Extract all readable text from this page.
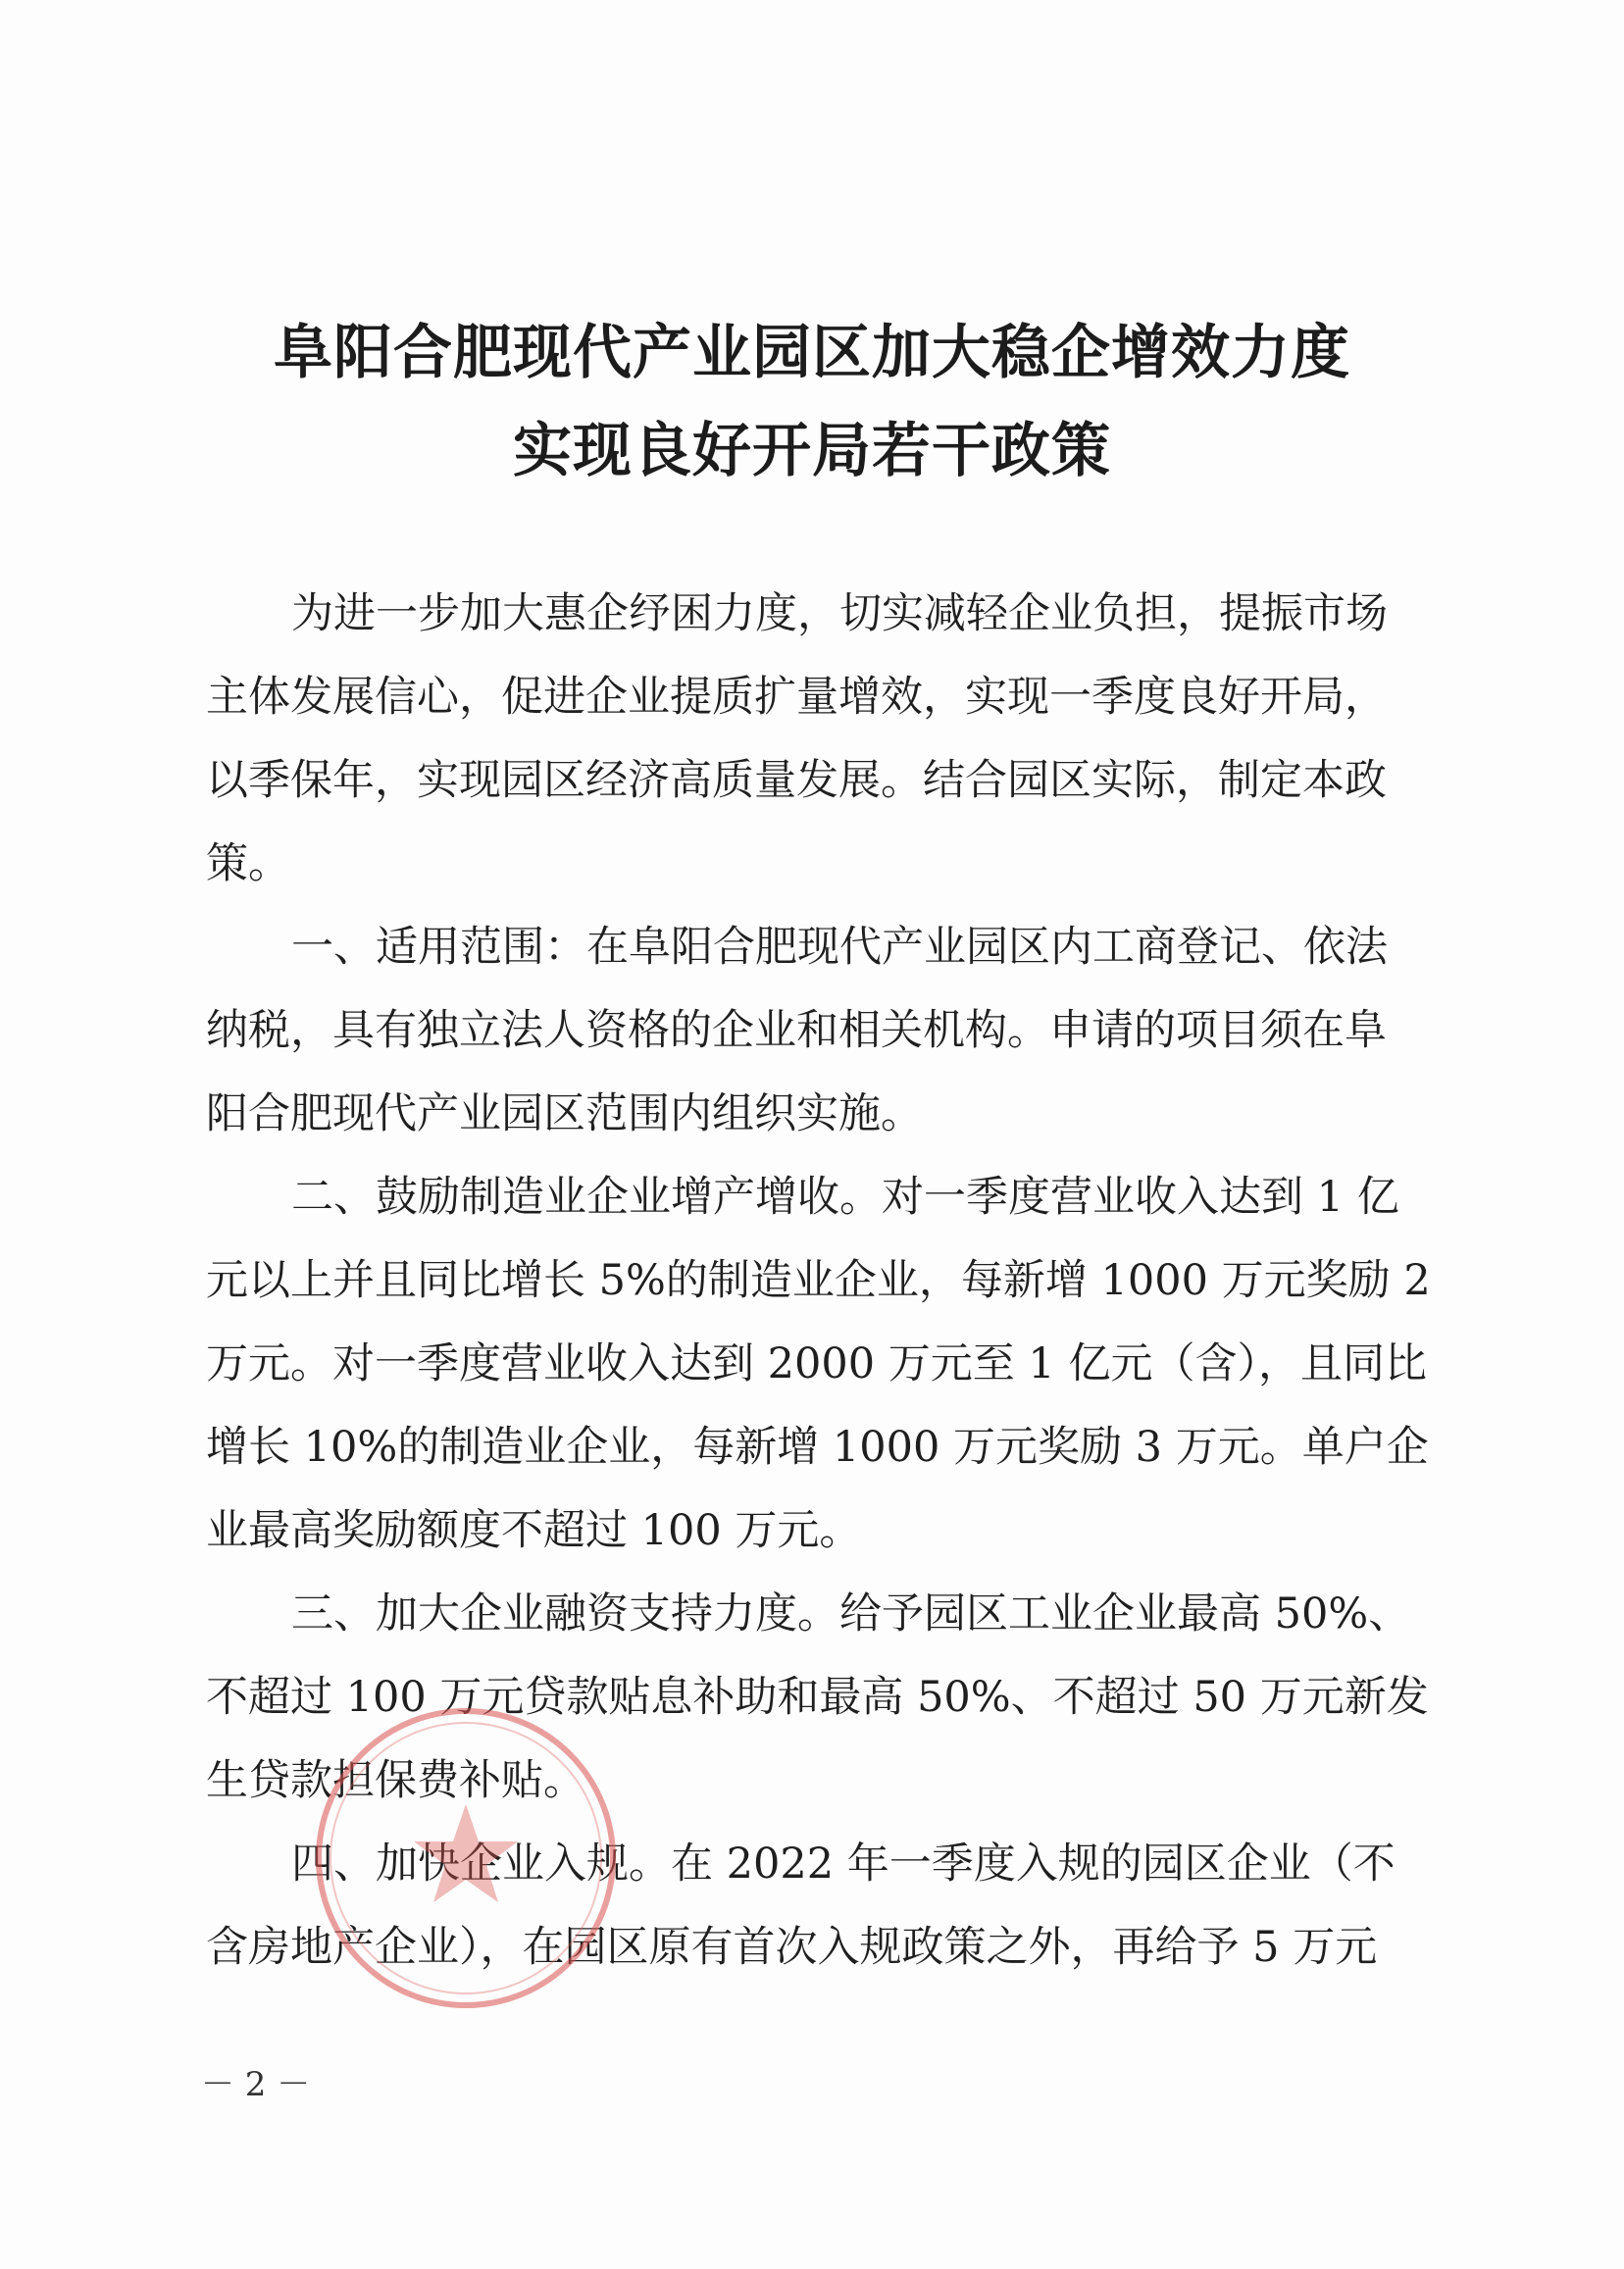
阜阳合肥现代产业园区加大稳企增效力度
实现良好开局若干政策
为进一步加大惠企纾困力度，切实减轻企业负担，提振市场
主体发展信心，促进企业提质扩量增效，实现一季度良好开局，
以季保年，实现园区经济高质量发展。结合园区实际，制定本政
策。
一、适用范围：在阜阳合肥现代产业园区内工商登记、依法
纳税，具有独立法人资格的企业和相关机构。申请的项目须在阜
阳合肥现代产业园区范围内组织实施。
二、鼓励制造业企业增产增收。对一季度营业收入达到 1 亿
元以上并且同比增长 5%的制造业企业，每新增 1000 万元奖励 2
万元。对一季度营业收入达到 2000 万元至 1 亿元（含），且同比
增长 10%的制造业企业，每新增 1000 万元奖励 3 万元。单户企
业最高奖励额度不超过 100 万元。
三、加大企业融资支持力度。给予园区工业企业最高 50%、
不超过 100 万元贷款贴息补助和最高 50%、不超过 50 万元新发
生贷款担保费补贴。
四、加快企业入规。在 2022 年一季度入规的园区企业（不
含房地产企业），在园区原有首次入规政策之外，再给予 5 万元
－ 2 －
